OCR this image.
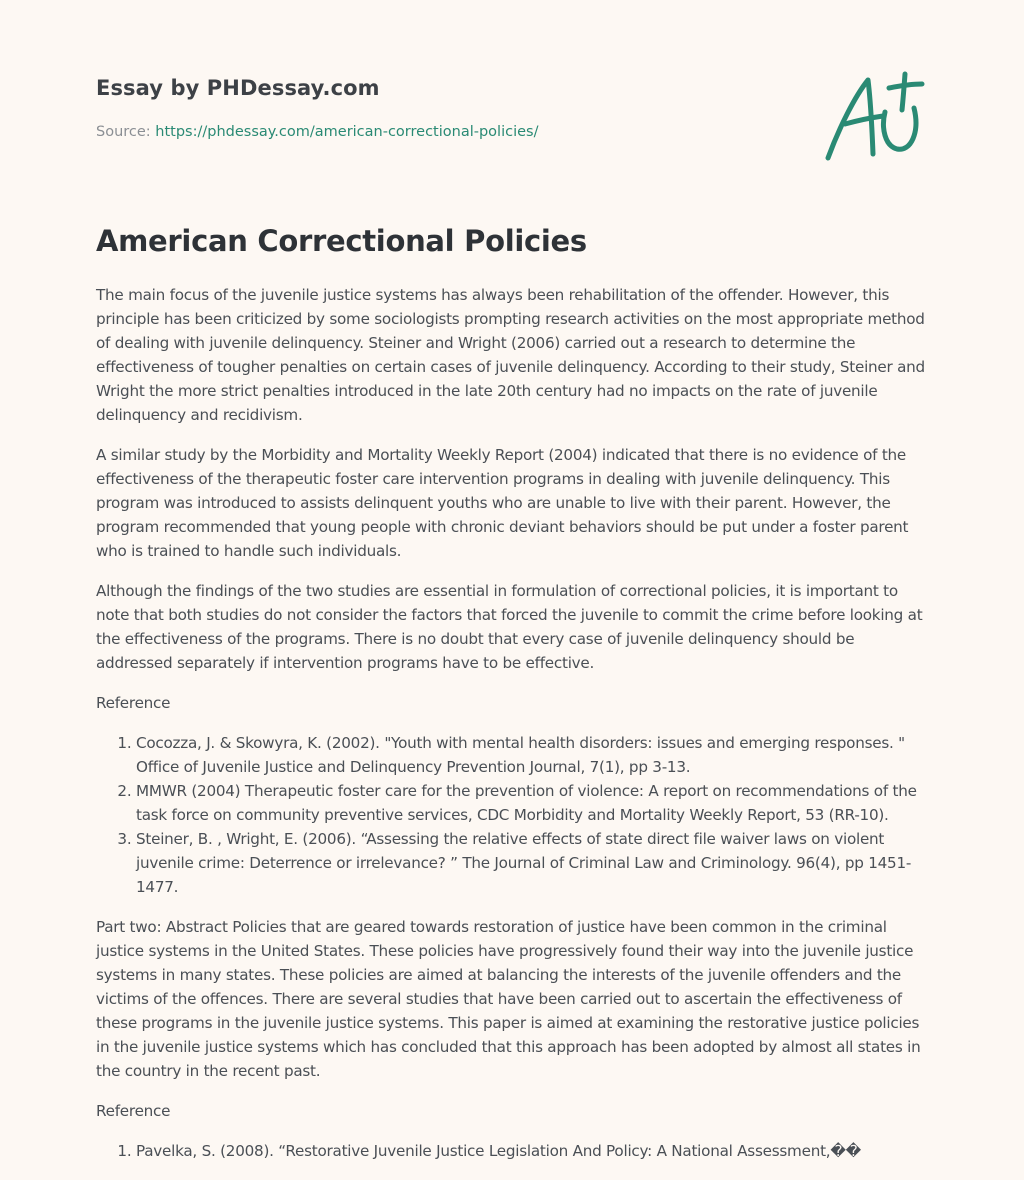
Essay by PHDessay.com
Source: https://phdessay.com/american-correctional-policies/
American Correctional Policies

The main focus of the juvenile justice systems has always been rehabilitation of the offender. However, this principle has been criticized by some sociologists prompting research activities on the most appropriate method of dealing with juvenile delinquency. Steiner and Wright (2006) carried out a research to determine the effectiveness of tougher penalties on certain cases of juvenile delinquency. According to their study, Steiner and Wright the more strict penalties introduced in the late 20th century had no impacts on the rate of juvenile delinquency and recidivism.

A similar study by the Morbidity and Mortality Weekly Report (2004) indicated that there is no evidence of the effectiveness of the therapeutic foster care intervention programs in dealing with juvenile delinquency. This program was introduced to assists delinquent youths who are unable to live with their parent. However, the program recommended that young people with chronic deviant behaviors should be put under a foster parent who is trained to handle such individuals.

Although the findings of the two studies are essential in formulation of correctional policies, it is important to note that both studies do not consider the factors that forced the juvenile to commit the crime before looking at the effectiveness of the programs. There is no doubt that every case of juvenile delinquency should be addressed separately if intervention programs have to be effective.

Reference

1. Cocozza, J. & Skowyra, K. (2002). "Youth with mental health disorders: issues and emerging responses. " Office of Juvenile Justice and Delinquency Prevention Journal, 7(1), pp 3-13.
2. MMWR (2004) Therapeutic foster care for the prevention of violence: A report on recommendations of the task force on community preventive services, CDC Morbidity and Mortality Weekly Report, 53 (RR-10).
3. Steiner, B. , Wright, E. (2006). “Assessing the relative effects of state direct file waiver laws on violent juvenile crime: Deterrence or irrelevance? ” The Journal of Criminal Law and Criminology. 96(4), pp 1451-1477.

Part two: Abstract Policies that are geared towards restoration of justice have been common in the criminal justice systems in the United States. These policies have progressively found their way into the juvenile justice systems in many states. These policies are aimed at balancing the interests of the juvenile offenders and the victims of the offences. There are several studies that have been carried out to ascertain the effectiveness of these programs in the juvenile justice systems. This paper is aimed at examining the restorative justice policies in the juvenile justice systems which has concluded that this approach has been adopted by almost all states in the country in the recent past.

Reference

1. Pavelka, S. (2008). “Restorative Juvenile Justice Legislation And Policy: A National Assessment,��
